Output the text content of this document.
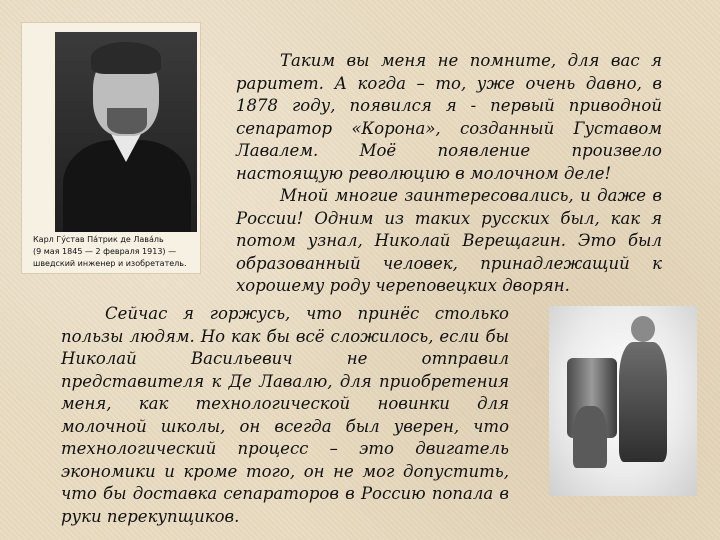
Карл Гу́став Па́трик де Лава́ль
(9 мая 1845 — 2 февраля 1913) —
шведский инженер и изобретатель.

Таким вы меня не помните, для вас я раритет. А когда – то, уже очень давно, в 1878 году, появился я - первый приводной сепаратор «Корона», созданный Густавом Лавалем. Моё появление произвело настоящую революцию в молочном деле!

Мной многие заинтересовались, и даже в России! Одним из таких русских был, как я потом узнал, Николай Верещагин. Это был образованный человек, принадлежащий к хорошему роду череповецких дворян.

Сейчас я горжусь, что принёс столько пользы людям. Но как бы всё сложилось, если бы Николай Васильевич не отправил представителя к Де Лавалю, для приобретения меня, как технологической новинки для молочной школы, он всегда был уверен, что технологический процесс – это двигатель экономики и кроме того, он не мог допустить, что бы доставка сепараторов в Россию попала в руки перекупщиков.
